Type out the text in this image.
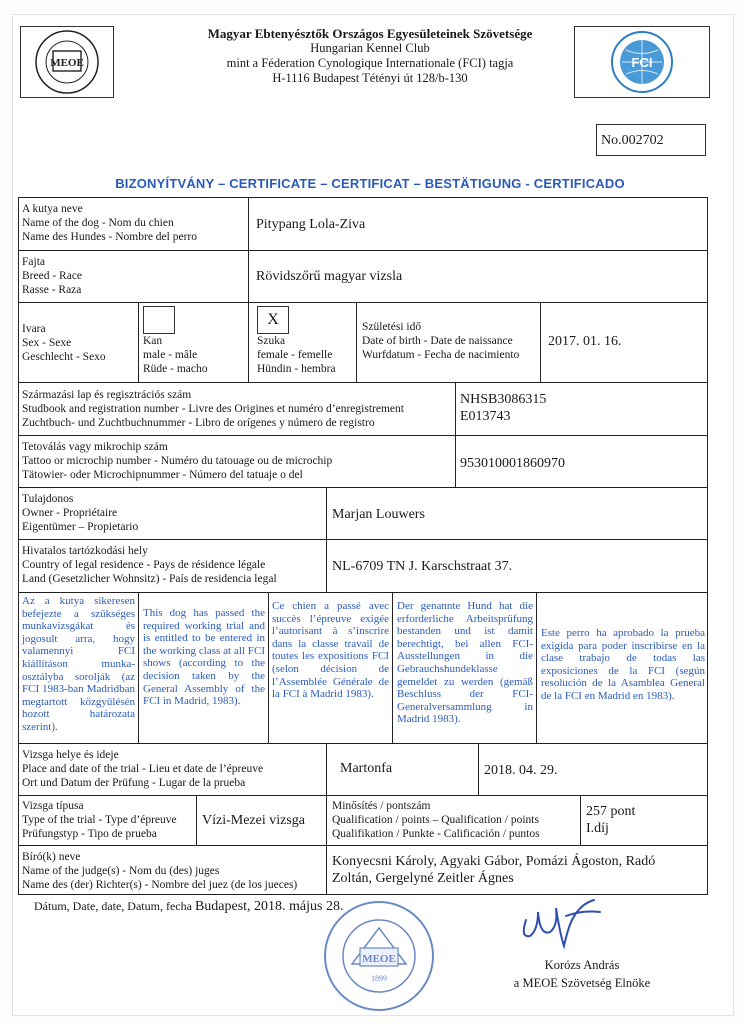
MEOE	FCI
Magyar Ebtenyésztők Országos Egyesületeinek Szövetsége
Hungarian Kennel Club
mint a Féderation Cynologique Internationale (FCI) tagja
H-1116 Budapest Tétényi út 128/b-130
No.002702
BIZONYÍTVÁNY – CERTIFICATE – CERTIFICAT – BESTÄTIGUNG - CERTIFICADO
A kutya neve
Name of the dog - Nom du chien
Name des Hundes - Nombre del perro
Pitypang Lola-Ziva
Fajta
Breed - Race
Rasse - Raza
Rövidszőrű magyar vizsla
Ivara
Sex - Sexe
Geschlecht - Sexo
Kan
male - mâle
Rüde - macho
X
Szuka
female - femelle
Hündin - hembra
Születési idő
Date of birth - Date de naissance
Wurfdatum - Fecha de nacimiento
2017. 01. 16.
Származási lap és regisztrációs szám
Studbook and registration number - Livre des Origines et numéro d’enregistrement
Zuchtbuch- und Zuchtbuchnummer - Libro de orígenes y número de registro
NHSB3086315
E013743
Tetoválás vagy mikrochip szám
Tattoo or microchip number - Numéro du tatouage ou de microchip
Tätowier- oder Microchipnummer - Número del tatuaje o del
953010001860970
Tulajdonos
Owner - Propriétaire
Eigentümer – Propietario
Marjan Louwers
Hivatalos tartózkodási hely
Country of legal residence - Pays de résidence légale
Land (Gesetzlicher Wohnsitz) - País de residencia legal
NL-6709 TN J. Karschstraat 37.
Az a kutya sikeresen befejezte a szükséges munkavizsgákat és jogosult arra, hogy valamennyi FCI kiállításon munka-osztályba sorolják (az FCI 1983-ban Madridban megtartott közgyűlésén hozott határozata szerint).
This dog has passed the required working trial and is entitled to be entered in the working class at all FCI shows (according to the decision taken by the General Assembly of the FCI in Madrid, 1983).
Ce chien a passé avec succès l’épreuve exigée l’autorisant à s’inscrire dans la classe travail de toutes les expositions FCI (selon décision de l’Assemblée Générale de la FCI à Madrid 1983).
Der genannte Hund hat die erforderliche Arbeitsprüfung bestanden und ist damit berechtigt, bei allen FCI-Ausstellungen in die Gebrauchshundeklasse gemeldet zu werden (gemäß Beschluss der FCI-Generalversammlung in Madrid 1983).
Este perro ha aprobado la prueba exigida para poder inscribirse en la clase trabajo de todas las exposiciones de la FCI (según resolución de la Asamblea General de la FCI en Madrid en 1983).
Vizsga helye és ideje
Place and date of the trial - Lieu et date de l’épreuve
Ort und Datum der Prüfung - Lugar de la prueba
Martonfa	2018. 04. 29.
Vizsga típusa
Type of the trial - Type d’épreuve
Prüfungstyp - Tipo de prueba
Vízi-Mezei vizsga
Minősítés / pontszám
Qualification / points – Qualification / points
Qualifikation / Punkte - Calificación / puntos
257 pont
I.díj
Bíró(k) neve
Name of the judge(s) - Nom du (des) juges
Name des (der) Richter(s) - Nombre del juez (de los jueces)
Konyecsni Károly, Agyaki Gábor, Pomázi Ágoston, Radó
Zoltán, Gergelyné Zeitler Ágnes
Dátum, Date, date, Datum, fecha Budapest, 2018. május 28.
MEOE
1899
Korózs András
a MEOE Szövetség Elnöke
